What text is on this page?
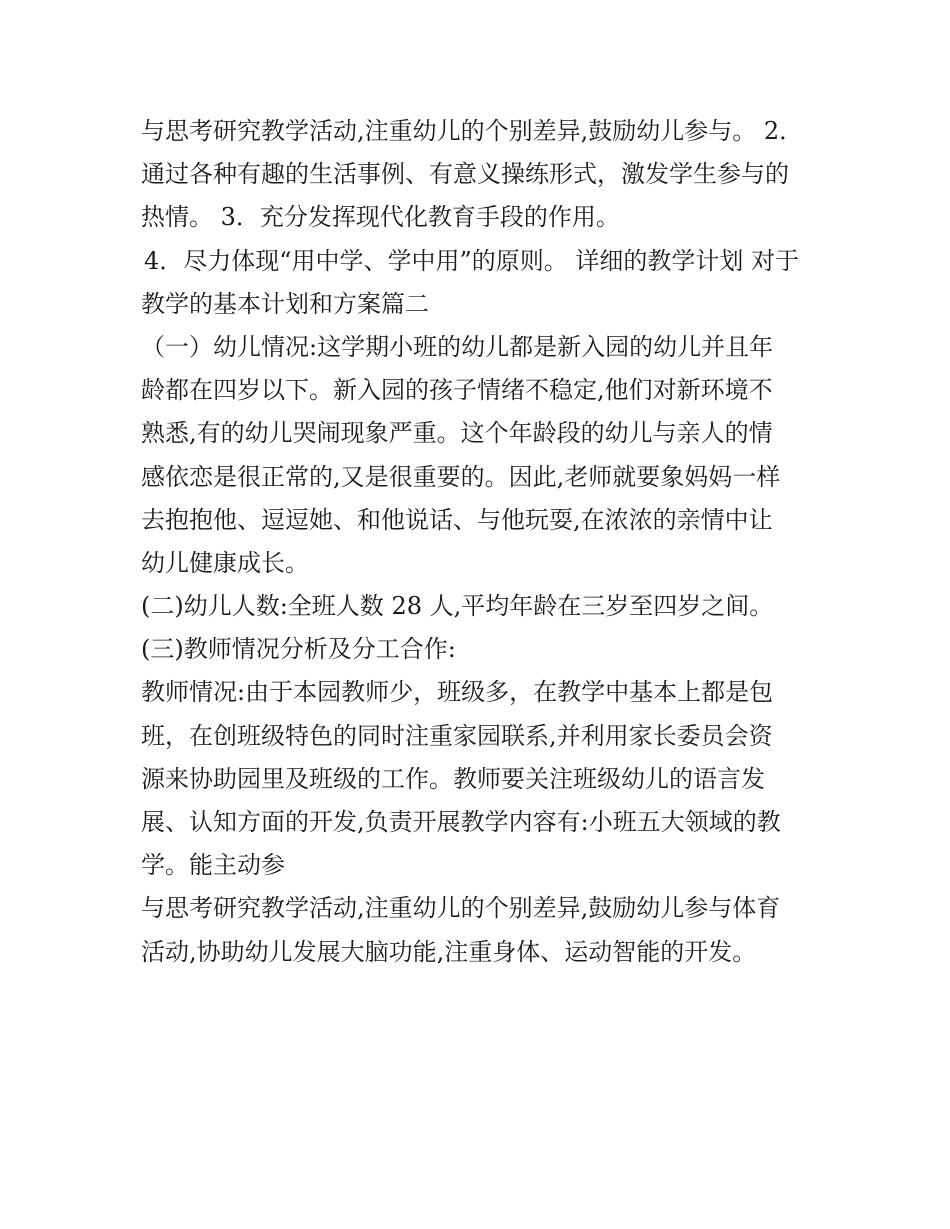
与思考研究教学活动,注重幼儿的个别差异,鼓励幼儿参与。 2．
通过各种有趣的生活事例、有意义操练形式，激发学生参与的
热情。 3．充分发挥现代化教育手段的作用。
4．尽力体现“用中学、学中用”的原则。 详细的教学计划 对于
教学的基本计划和方案篇二
（一）幼儿情况:这学期小班的幼儿都是新入园的幼儿并且年
龄都在四岁以下。新入园的孩子情绪不稳定,他们对新环境不
熟悉,有的幼儿哭闹现象严重。这个年龄段的幼儿与亲人的情
感依恋是很正常的,又是很重要的。因此,老师就要象妈妈一样
去抱抱他、逗逗她、和他说话、与他玩耍,在浓浓的亲情中让
幼儿健康成长。
(二)幼儿人数:全班人数 28 人,平均年龄在三岁至四岁之间。
(三)教师情况分析及分工合作:
教师情况:由于本园教师少，班级多，在教学中基本上都是包
班，在创班级特色的同时注重家园联系,并利用家长委员会资
源来协助园里及班级的工作。教师要关注班级幼儿的语言发
展、认知方面的开发,负责开展教学内容有:小班五大领域的教
学。能主动参
与思考研究教学活动,注重幼儿的个别差异,鼓励幼儿参与体育
活动,协助幼儿发展大脑功能,注重身体、运动智能的开发。
